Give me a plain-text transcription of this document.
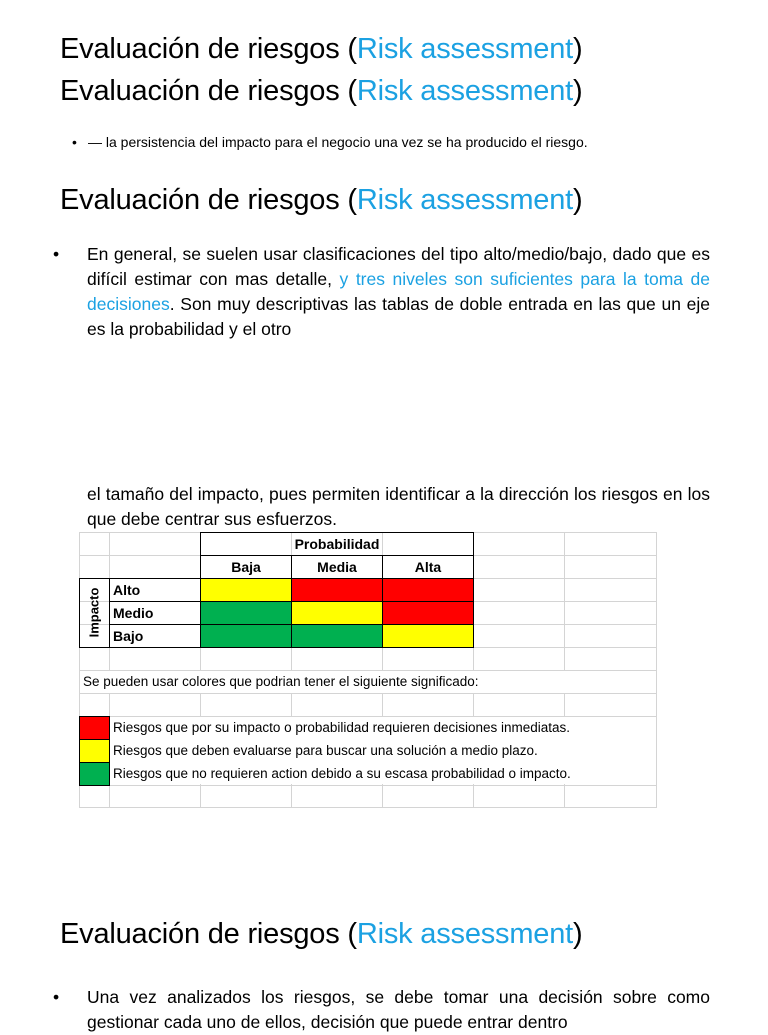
Evaluación de riesgos (Risk assessment)
Evaluación de riesgos (Risk assessment)

• — la persistencia del impacto para el negocio una vez se ha producido el riesgo.

Evaluación de riesgos (Risk assessment)

• En general, se suelen usar clasificaciones del tipo alto/medio/bajo, dado que es difícil estimar con mas detalle, y tres niveles son suficientes para la toma de decisiones. Son muy descriptivas las tablas de doble entrada en las que un eje es la probabilidad y el otro

el tamaño del impacto, pues permiten identificar a la dirección los riesgos en los que debe centrar sus esfuerzos.

Probabilidad
Baja	Media	Alta
Impacto Alto
Medio
Bajo
Se pueden usar colores que podrian tener el siguiente significado:
Riesgos que por su impacto o probabilidad requieren decisiones inmediatas.
Riesgos que deben evaluarse para buscar una solución a medio plazo.
Riesgos que no requieren action debido a su escasa probabilidad o impacto.
Evaluación de riesgos (Risk assessment)

• Una vez analizados los riesgos, se debe tomar una decisión sobre como gestionar cada uno de ellos, decisión que puede entrar dentro
